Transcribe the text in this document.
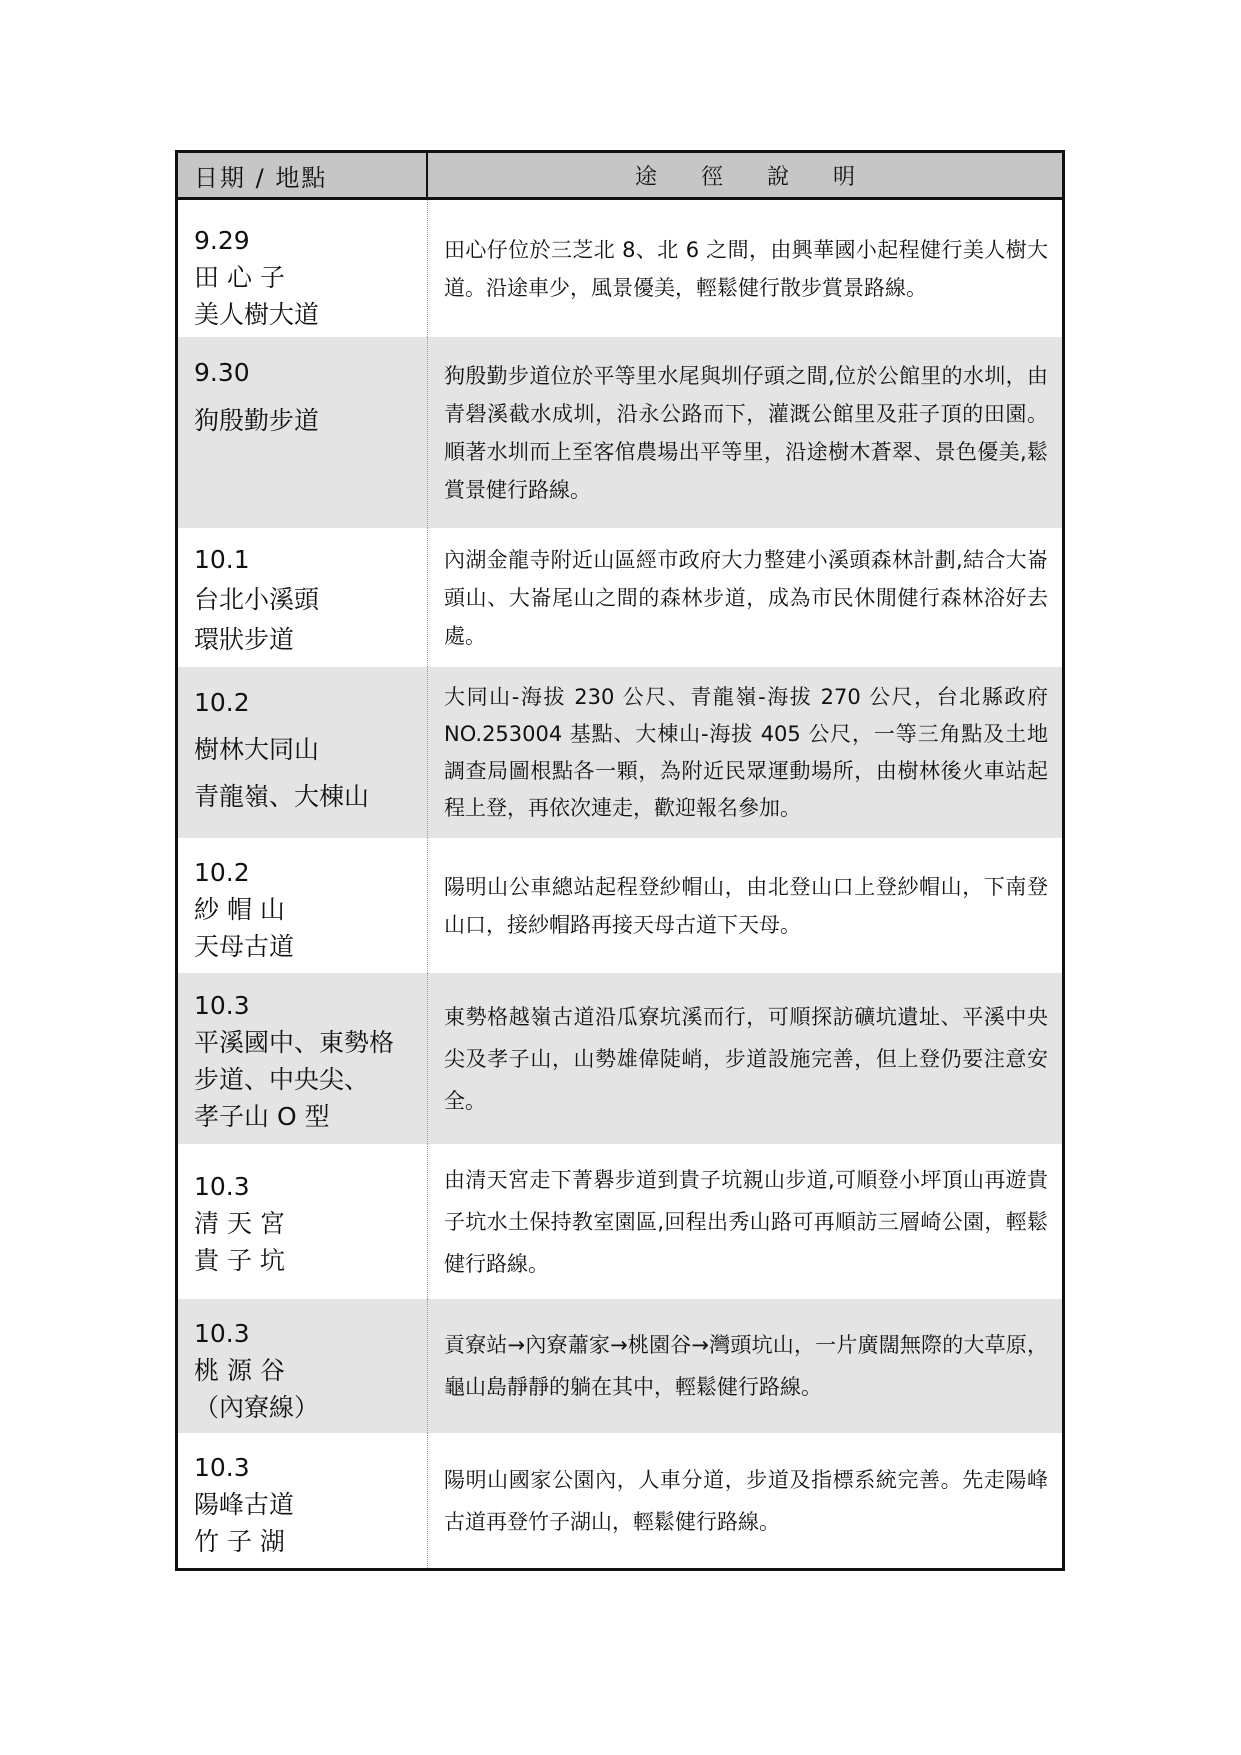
日期 / 地點	途徑說明
9.29
田 心 子
美人樹大道

田心仔位於三芝北 8、北 6 之間，由興華國小起程健行美人樹大道。沿途車少，風景優美，輕鬆健行散步賞景路線。

9.30
狗殷勤步道

狗殷勤步道位於平等里水尾與圳仔頭之間,位於公館里的水圳，由青礐溪截水成圳，沿永公路而下，灌溉公館里及莊子頂的田園。順著水圳而上至客倌農場出平等里，沿途樹木蒼翠、景色優美,鬆賞景健行路線。

10.1
台北小溪頭
環狀步道

內湖金龍寺附近山區經市政府大力整建小溪頭森林計劃,結合大崙頭山、大崙尾山之間的森林步道，成為市民休閒健行森林浴好去處。

10.2
樹林大同山
青龍嶺、大棟山

大同山-海拔 230 公尺、青龍嶺-海拔 270 公尺，台北縣政府 NO.253004 基點、大棟山-海拔 405 公尺，一等三角點及土地調查局圖根點各一顆，為附近民眾運動場所，由樹林後火車站起程上登，再依次連走，歡迎報名參加。

10.2
紗 帽 山
天母古道

陽明山公車總站起程登紗帽山，由北登山口上登紗帽山，下南登山口，接紗帽路再接天母古道下天母。

10.3
平溪國中、東勢格
步道、中央尖、
孝子山 O 型

東勢格越嶺古道沿瓜寮坑溪而行，可順探訪礦坑遺址、平溪中央尖及孝子山，山勢雄偉陡峭，步道設施完善，但上登仍要注意安全。

10.3
清 天 宮
貴 子 坑

由清天宮走下菁礜步道到貴子坑親山步道,可順登小坪頂山再遊貴子坑水土保持教室園區,回程出秀山路可再順訪三層崎公園，輕鬆健行路線。

10.3
桃 源 谷
（內寮線）

貢寮站→內寮蕭家→桃園谷→灣頭坑山，一片廣闊無際的大草原，龜山島靜靜的躺在其中，輕鬆健行路線。

10.3
陽峰古道
竹 子 湖

陽明山國家公園內，人車分道，步道及指標系統完善。先走陽峰古道再登竹子湖山，輕鬆健行路線。
